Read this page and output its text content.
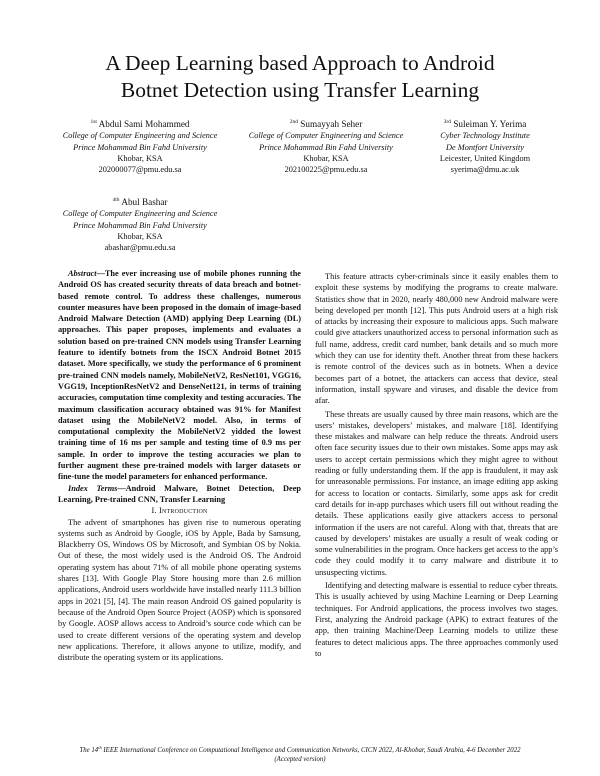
A Deep Learning based Approach to Android
Botnet Detection using Transfer Learning
$^{1st}$ Abdul Sami Mohammed
College of Computer Engineering and Science
Prince Mohammad Bin Fahd University
Khobar, KSA
202000077@pmu.edu.sa
$^{2nd}$ Sumayyah Seher
College of Computer Engineering and Science
Prince Mohammad Bin Fahd University
Khobar, KSA
202100225@pmu.edu.sa
$^{3rd}$ Suleiman Y. Yerima
Cyber Technology Institute
De Montfort University
Leicester, United Kingdom
syerima@dmu.ac.uk
$^{4th}$ Abul Bashar
College of Computer Engineering and Science
Prince Mohammad Bin Fahd University
Khobar, KSA
abashar@pmu.edu.sa

Abstract—The ever increasing use of mobile phones running the Android OS has created security threats of data breach and botnet-based remote control. To address these challenges, numerous counter measures have been proposed in the domain of image-based Android Malware Detection (AMD) applying Deep Learning (DL) approaches. This paper proposes, implements and evaluates a solution based on pre-trained CNN models using Transfer Learning feature to identify botnets from the ISCX Android Botnet 2015 dataset. More specifically, we study the performance of 6 prominent pre-trained CNN models namely, MobileNetV2, ResNet101, VGG16, VGG19, InceptionResNetV2 and DenseNet121, in terms of training accuracies, computation time complexity and testing accuracies. The maximum classification accuracy obtained was 91% for Manifest dataset using the MobileNetV2 model. Also, in terms of computational complexity the MobileNetV2 yidded the lowest training time of 16 ms per sample and testing time of 0.9 ms per sample. In order to improve the testing accuracies we plan to further augment these pre-trained models with larger datasets or fine-tune the model parameters for enhanced performance.

Index Terms—Android Malware, Botnet Detection, Deep Learning, Pre-trained CNN, Transfer Learning

I. Introduction

The advent of smartphones has given rise to numerous operating systems such as Android by Google, iOS by Apple, Bada by Samsung, Blackberry OS, Windows OS by Microsoft, and Symbian OS by Nokia. Out of these, the most widely used is the Android OS. The Android operating system has about 71% of all mobile phone operating systems shares [13]. With Google Play Store housing more than 2.6 million applications, Android users worldwide have installed nearly 111.3 billion apps in 2021 [5], [4]. The main reason Android OS gained popularity is because of the Android Open Source Project (AOSP) which is sponsored by Google. AOSP allows access to Android’s source code which can be used to create different versions of the operating system and develop new applications. Therefore, it allows anyone to utilize, modify, and distribute the operating system or its applications.

This feature attracts cyber-criminals since it easily enables them to exploit these systems by modifying the programs to create malware. Statistics show that in 2020, nearly 480,000 new Android malware were being developed per month [12]. This puts Android users at a high risk of attacks by increasing their exposure to malicious apps. Such malware could give attackers unauthorized access to personal information such as full name, address, credit card number, bank details and so much more which they can use for identity theft. Another threat from these hackers is remote control of the devices such as in botnets. When a device becomes part of a botnet, the attackers can access that device, steal information, install spyware and viruses, and disable the device from afar.

These threats are usually caused by three main reasons, which are the users’ mistakes, developers’ mistakes, and malware [18]. Identifying these mistakes and malware can help reduce the threats. Android users often face security issues due to their own mistakes. Some apps may ask users to accept certain permissions which they might agree to without reading or fully understanding them. If the app is fraudulent, it may ask for unreasonable permissions. For instance, an image editing app asking for access to location or contacts. Similarly, some apps ask for credit card details for in-app purchases which users fill out without reading the details. These applications easily give attackers access to personal information if the users are not careful. Along with that, threats that are caused by developers’ mistakes are usually a result of weak coding or some vulnerabilities in the program. Once hackers get access to the app’s code they could modify it to carry malware and distribute it to unsuspecting victims.

Identifying and detecting malware is essential to reduce cyber threats. This is usually achieved by using Machine Learning or Deep Learning techniques. For Android applications, the process involves two stages. First, analyzing the Android package (APK) to extract features of the app, then training Machine/Deep Learning models to utilize these features to detect malicious apps. The three approaches commonly used to

The 14th IEEE International Conference on Computational Intelligence and Communication Networks, CICN 2022, Al-Khobar, Saudi Arabia, 4-6 December 2022
(Accepted version)
